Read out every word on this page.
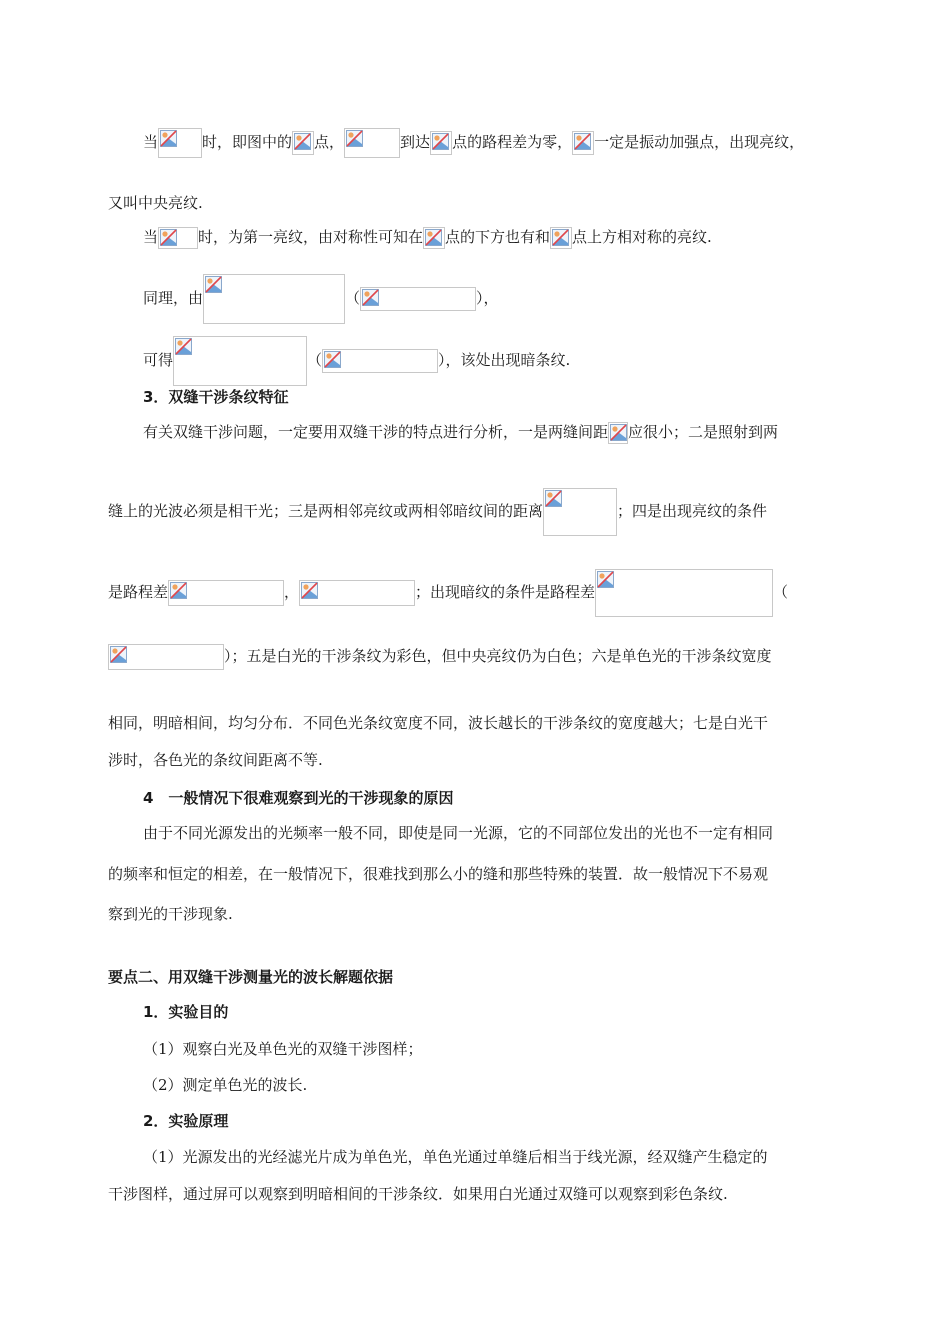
当	时，即图中的 点，	到达 点的路程差为零， 一定是振动加强点，出现亮纹，
又叫中央亮纹.
当	时，为第一亮纹，由对称性可知在 点的下方也有和 点上方相对称的亮纹.
同理，由	（	），
可得	（	），该处出现暗条纹.
3．双缝干涉条纹特征
有关双缝干涉问题，一定要用双缝干涉的特点进行分析，一是两缝间距 应很小；二是照射到两
缝上的光波必须是相干光；三是两相邻亮纹或两相邻暗纹间的距离	；四是出现亮纹的条件
是路程差	，	；出现暗纹的条件是路程差	（
）；五是白光的干涉条纹为彩色，但中央亮纹仍为白色；六是单色光的干涉条纹宽度
相同，明暗相间，均匀分布．不同色光条纹宽度不同，波长越长的干涉条纹的宽度越大；七是白光干
涉时，各色光的条纹间距离不等.
4　一般情况下很难观察到光的干涉现象的原因
由于不同光源发出的光频率一般不同，即使是同一光源，它的不同部位发出的光也不一定有相同
的频率和恒定的相差，在一般情况下，很难找到那么小的缝和那些特殊的装置．故一般情况下不易观
察到光的干涉现象.
要点二、用双缝干涉测量光的波长解题依据
1．实验目的
（1）观察白光及单色光的双缝干涉图样；
（2）测定单色光的波长.
2．实验原理
（1）光源发出的光经滤光片成为单色光，单色光通过单缝后相当于线光源，经双缝产生稳定的
干涉图样，通过屏可以观察到明暗相间的干涉条纹．如果用白光通过双缝可以观察到彩色条纹.
